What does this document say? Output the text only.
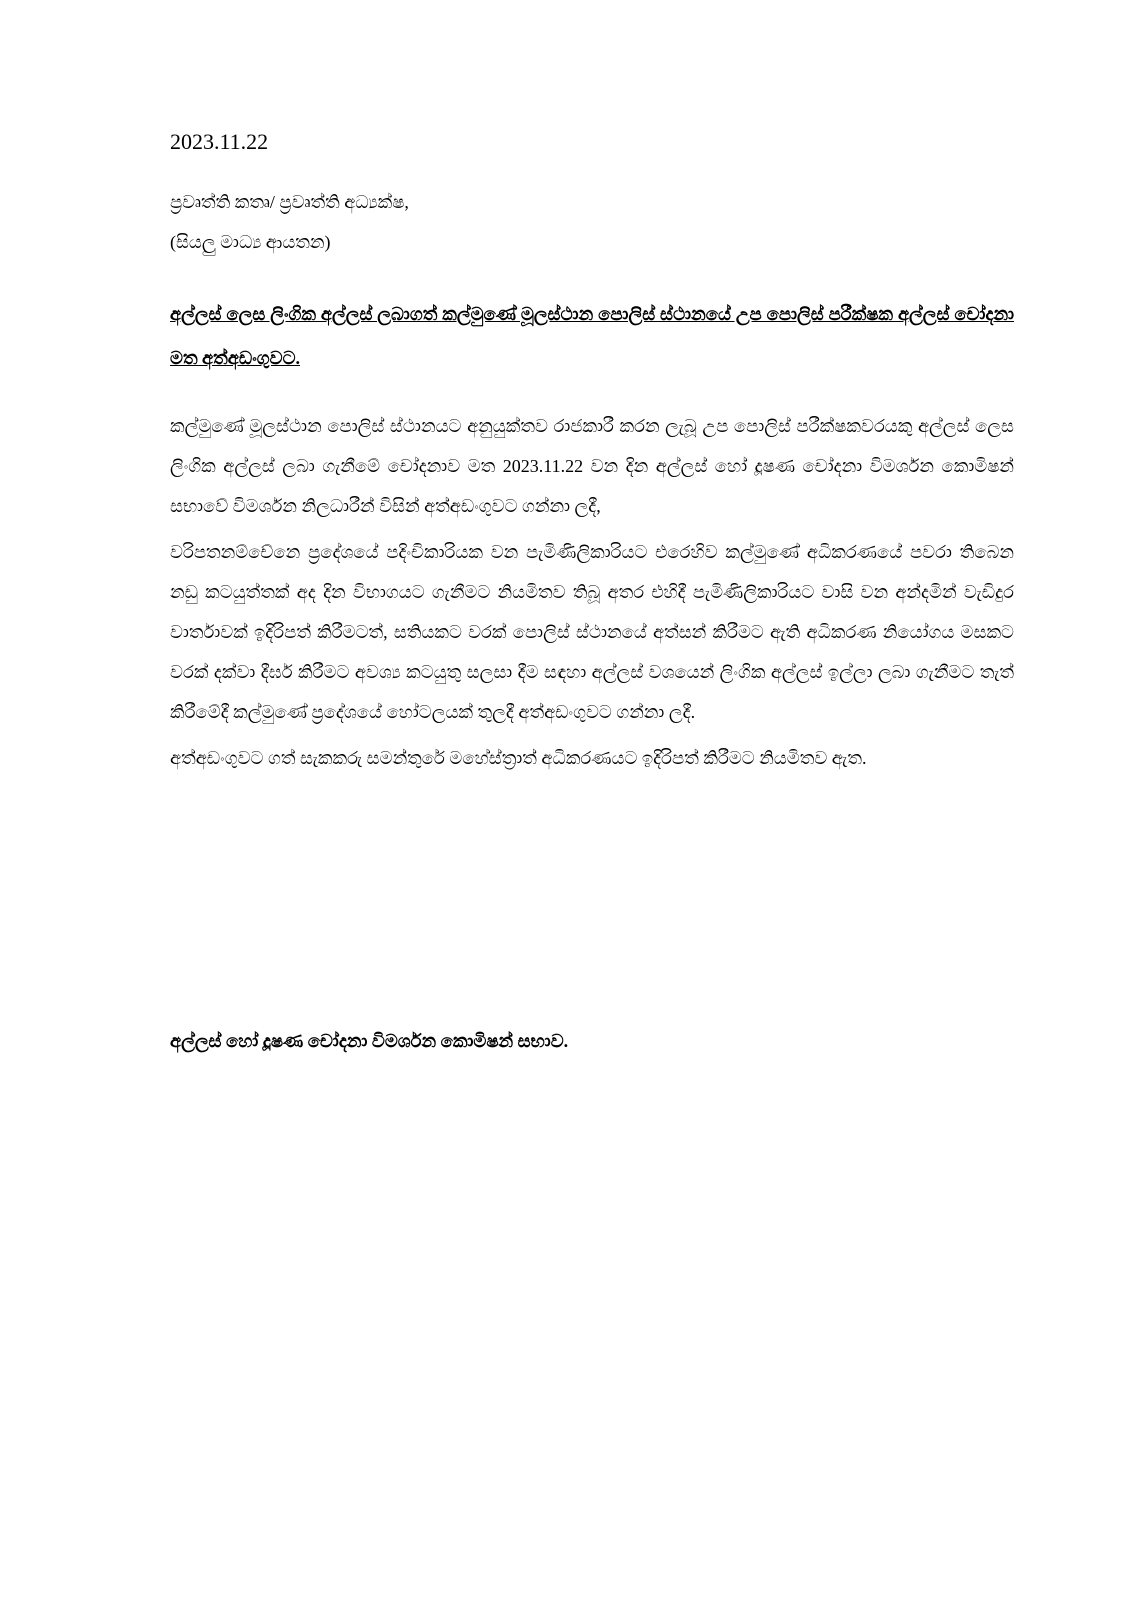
2023.11.22

ප්‍රවෘත්ති කතෘ/ ප්‍රවෘත්ති අධ්‍යක්ෂ,
(සියලු මාධ්‍ය ආයතන)
අල්ලස් ලෙස ලිංගික අල්ලස් ලබාගත් කල්මුණේ මූලස්ථාන පොලිස් ස්ථානයේ උප පොලිස් පරීක්ෂක අල්ලස් චෝදනා මත අත්අඩංගුවට.
කල්මුණේ මූලස්ථාන පොලිස් ස්ථානයට අනුයුක්තව රාජකාරී කරන ලැබූ උප පොලිස් පරීක්ෂකවරයකු අල්ලස් ලෙස ලිංගික අල්ලස් ලබා ගැනීමේ චෝදනාව මත 2023.11.22 වන දින අල්ලස් හෝ දූෂණ චෝදනා විමර්ශන කොමිෂන් සභාවේ විමර්ශන නිලධාරීන් විසින් අත්අඩංගුවට ගන්නා ලදී,
වරිපතනම්චේනෙ ප්‍රදේශයේ පදිංචිකාරියක වන පැමිණිලිකාරියට එරෙහිව කල්මුණේ අධිකරණයේ පවරා තිබෙන නඩු කටයුත්තක් අද දින විභාගයට ගැනීමට නියමිතව තිබූ අතර එහිදී පැමිණිලිකාරියට වාසි වන අන්දමින් වැඩිදුර වාර්තාවක් ඉදිරිපත් කිරීමටත්, සතියකට වරක් පොලිස් ස්ථානයේ අත්සන් කිරීමට ඇති අධිකරණ නියෝගය මසකට වරක් දක්වා දීර්ඝ කිරීමට අවශ්‍ය කටයුතු සලසා දීම සඳහා අල්ලස් වශයෙන් ලිංගික අල්ලස් ඉල්ලා ලබා ගැනීමට තැත් කිරීමේදී කල්මුණේ ප්‍රදේශයේ හෝටලයක් තුලදී අත්අඩංගුවට ගන්නා ලදී.
අත්අඩංගුවට ගත් සැකකරු සමන්තුරේ මහේස්ත්‍රාත් අධිකරණයට ඉදිරිපත් කිරීමට නියමිතව ඇත.
අල්ලස් හෝ දූෂණ චෝදනා විමර්ශන කොමිෂන් සභාව.
